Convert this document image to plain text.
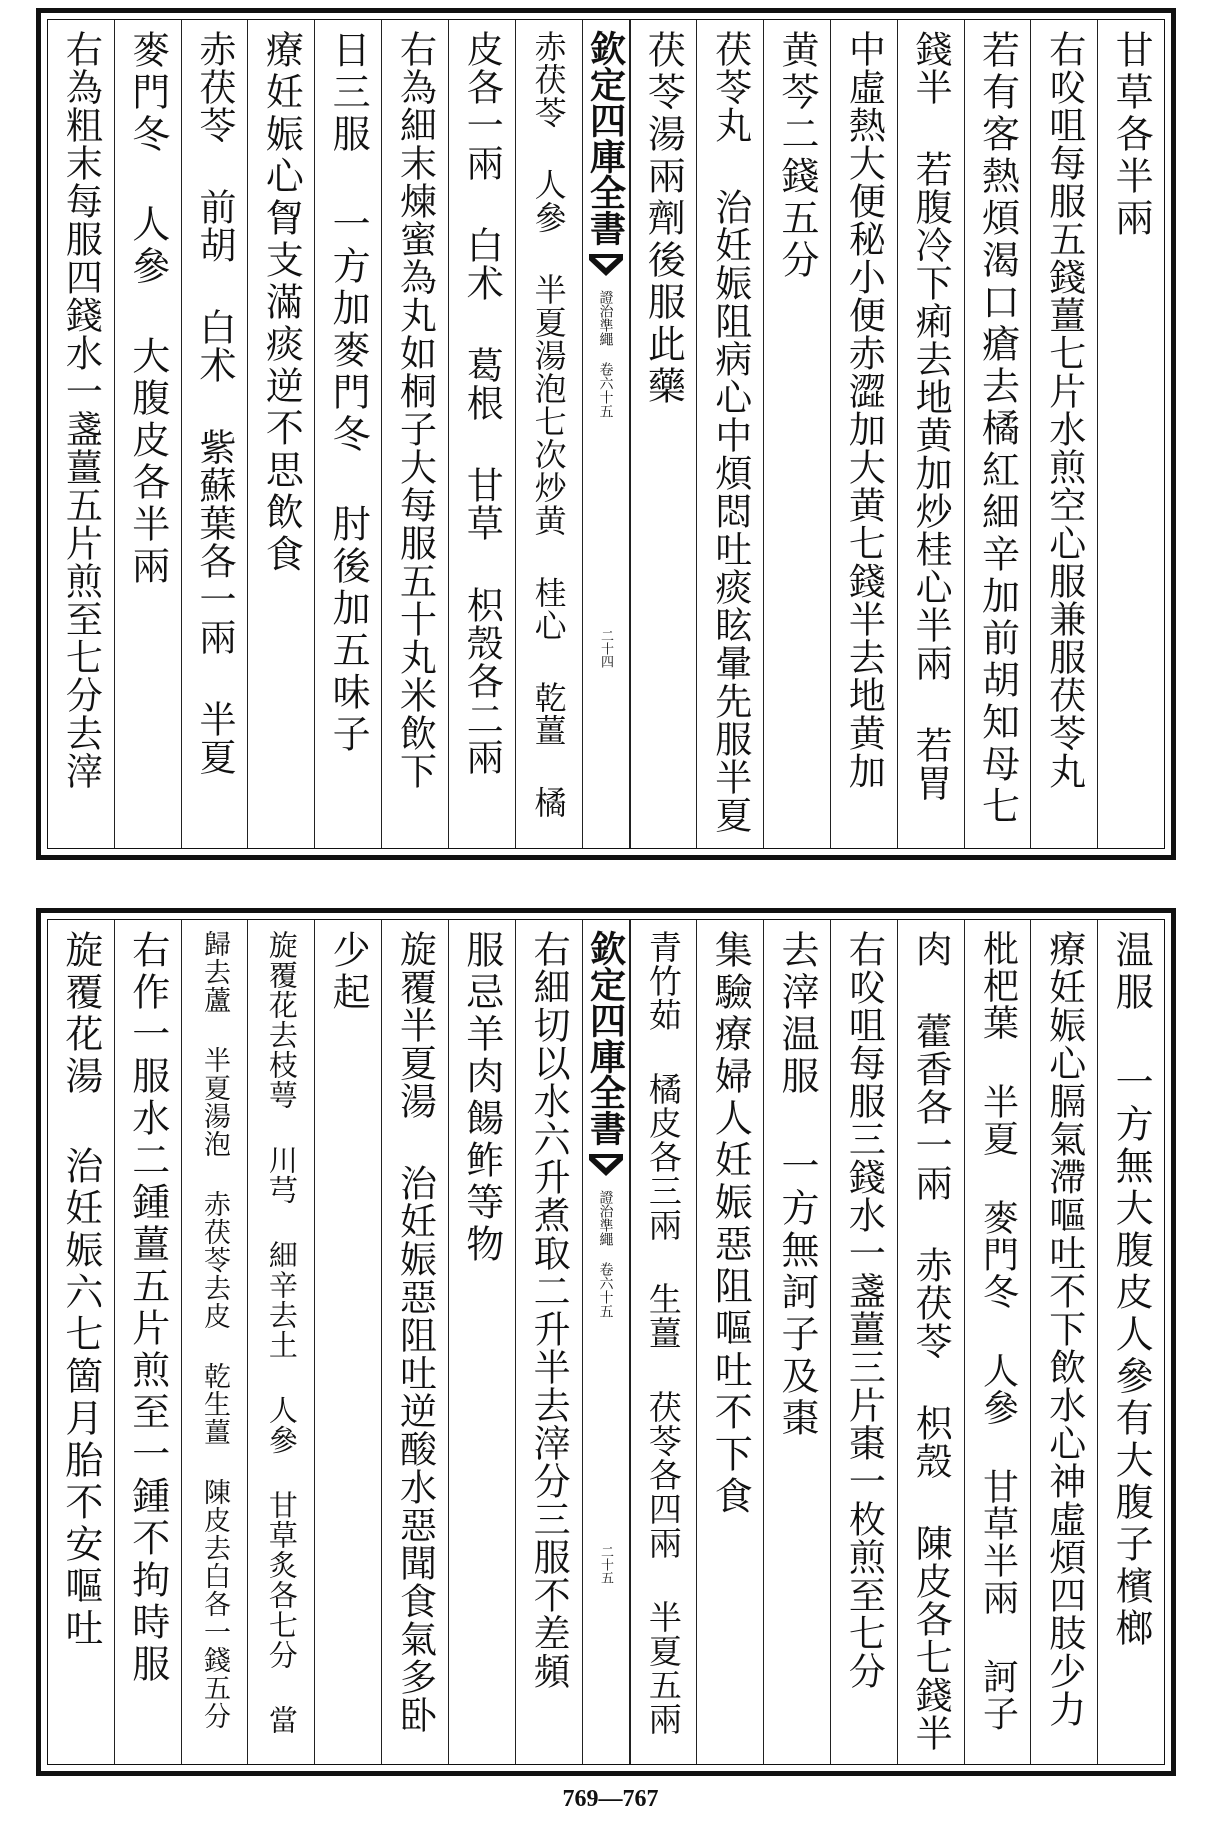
甘草各半兩
右㕮咀每服五錢薑七片水煎空心服兼服茯苓丸
若有客熱煩渴口瘡去橘紅細辛加前胡知母七
錢半 若腹冷下痢去地黄加炒桂心半兩 若胃
中虛熱大便秘小便赤澀加大黄七錢半去地黄加
黄芩二錢五分
茯苓丸 治妊娠阻病心中煩悶吐痰眩暈先服半夏
茯苓湯兩劑後服此藥
欽定四庫全書
證治準繩 卷六十五
二十四
赤茯苓 人參 半夏湯泡七次炒黄 桂心 乾薑 橘
皮各一兩 白术 葛根 甘草 枳殼各二兩
右為細末煉蜜為丸如桐子大每服五十丸米飲下
日三服 一方加麥門冬 肘後加五味子
療妊娠心胷支滿痰逆不思飲食
赤茯苓 前胡 白术 紫蘇葉各一兩 半夏
麥門冬 人參 大腹皮各半兩
右為粗末每服四錢水一盞薑五片煎至七分去滓
温服 一方無大腹皮人參有大腹子檳榔
療妊娠心膈氣滯嘔吐不下飲水心神虛煩四肢少力
枇杷葉 半夏 麥門冬 人參 甘草半兩 訶子
肉 藿香各一兩 赤茯苓 枳殼 陳皮各七錢半
右㕮咀每服三錢水一盞薑三片棗一枚煎至七分
去滓温服 一方無訶子及棗
集驗療婦人妊娠惡阻嘔吐不下食
青竹茹 橘皮各三兩 生薑 茯苓各四兩 半夏五兩
欽定四庫全書
證治準繩 卷六十五
二十五
右細切以水六升煮取二升半去滓分三服不差頻
服忌羊肉餳鲊等物
旋覆半夏湯 治妊娠惡阻吐逆酸水惡聞食氣多卧
少起
旋覆花去枝萼 川芎 細辛去土 人參 甘草炙各七分 當
歸去蘆 半夏湯泡 赤茯苓去皮 乾生薑 陳皮去白各一錢五分
右作一服水二鍾薑五片煎至一鍾不拘時服
旋覆花湯 治妊娠六七箇月胎不安嘔吐
769—767
